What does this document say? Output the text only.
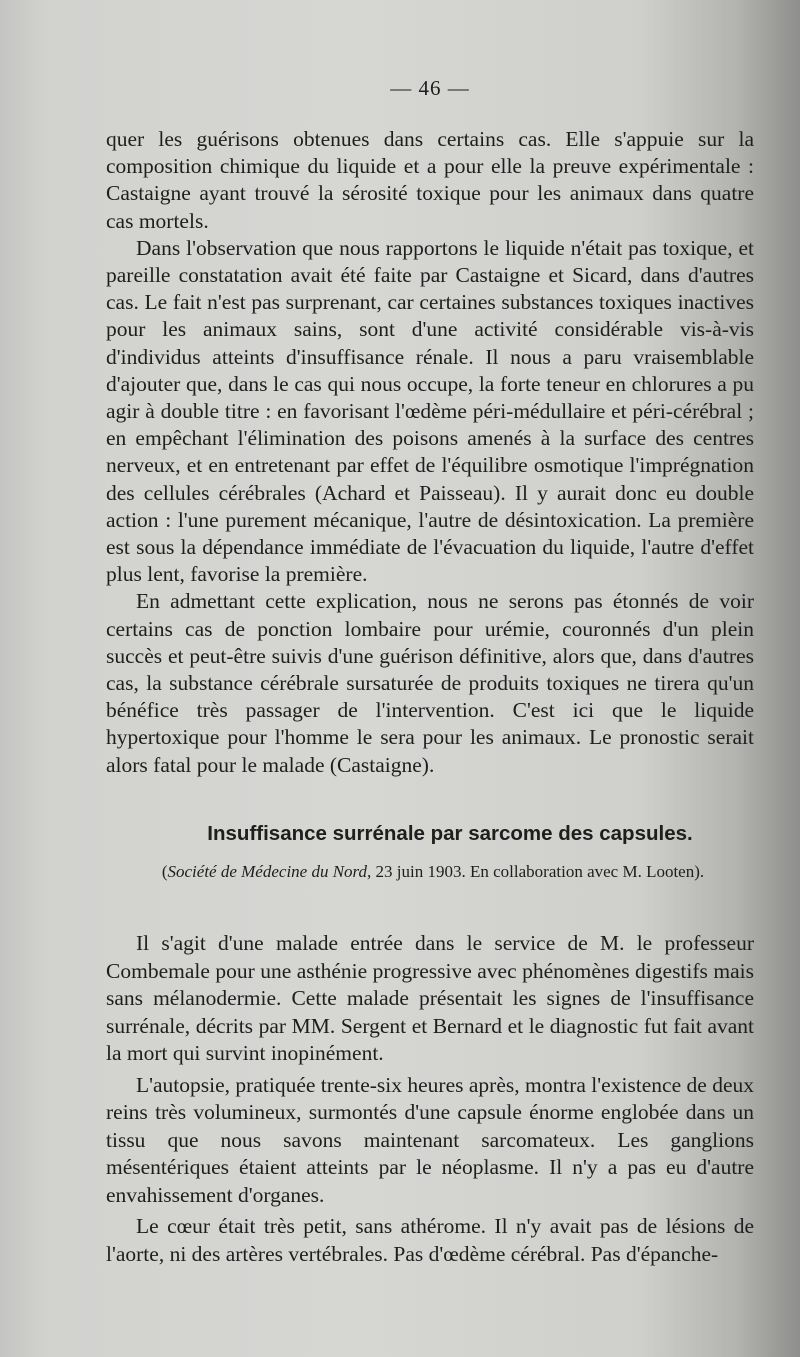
— 46 —

quer les guérisons obtenues dans certains cas. Elle s'appuie sur la composition chimique du liquide et a pour elle la preuve expérimentale : Castaigne ayant trouvé la sérosité toxique pour les animaux dans quatre cas mortels.

Dans l'observation que nous rapportons le liquide n'était pas toxique, et pareille constatation avait été faite par Castaigne et Sicard, dans d'autres cas. Le fait n'est pas surprenant, car certaines substances toxiques inactives pour les animaux sains, sont d'une activité considérable vis-à-vis d'individus atteints d'insuffisance rénale. Il nous a paru vraisemblable d'ajouter que, dans le cas qui nous occupe, la forte teneur en chlorures a pu agir à double titre : en favorisant l'œdème péri-médullaire et péri-cérébral ; en empêchant l'élimination des poisons amenés à la surface des centres nerveux, et en entretenant par effet de l'équilibre osmotique l'imprégnation des cellules cérébrales (Achard et Paisseau). Il y aurait donc eu double action : l'une purement mécanique, l'autre de désintoxication. La première est sous la dépendance immédiate de l'évacuation du liquide, l'autre d'effet plus lent, favorise la première.

En admettant cette explication, nous ne serons pas étonnés de voir certains cas de ponction lombaire pour urémie, couronnés d'un plein succès et peut-être suivis d'une guérison définitive, alors que, dans d'autres cas, la substance cérébrale sursaturée de produits toxiques ne tirera qu'un bénéfice très passager de l'intervention. C'est ici que le liquide hypertoxique pour l'homme le sera pour les animaux. Le pronostic serait alors fatal pour le malade (Castaigne).

Insuffisance surrénale par sarcome des capsules.
(Société de Médecine du Nord, 23 juin 1903. En collaboration avec M. Looten).

Il s'agit d'une malade entrée dans le service de M. le professeur Combemale pour une asthénie progressive avec phénomènes digestifs mais sans mélanodermie. Cette malade présentait les signes de l'insuffisance surrénale, décrits par MM. Sergent et Bernard et le diagnostic fut fait avant la mort qui survint inopinément.

L'autopsie, pratiquée trente-six heures après, montra l'existence de deux reins très volumineux, surmontés d'une capsule énorme englobée dans un tissu que nous savons maintenant sarcomateux. Les ganglions mésentériques étaient atteints par le néoplasme. Il n'y a pas eu d'autre envahissement d'organes.

Le cœur était très petit, sans athérome. Il n'y avait pas de lésions de l'aorte, ni des artères vertébrales. Pas d'œdème cérébral. Pas d'épanche-
